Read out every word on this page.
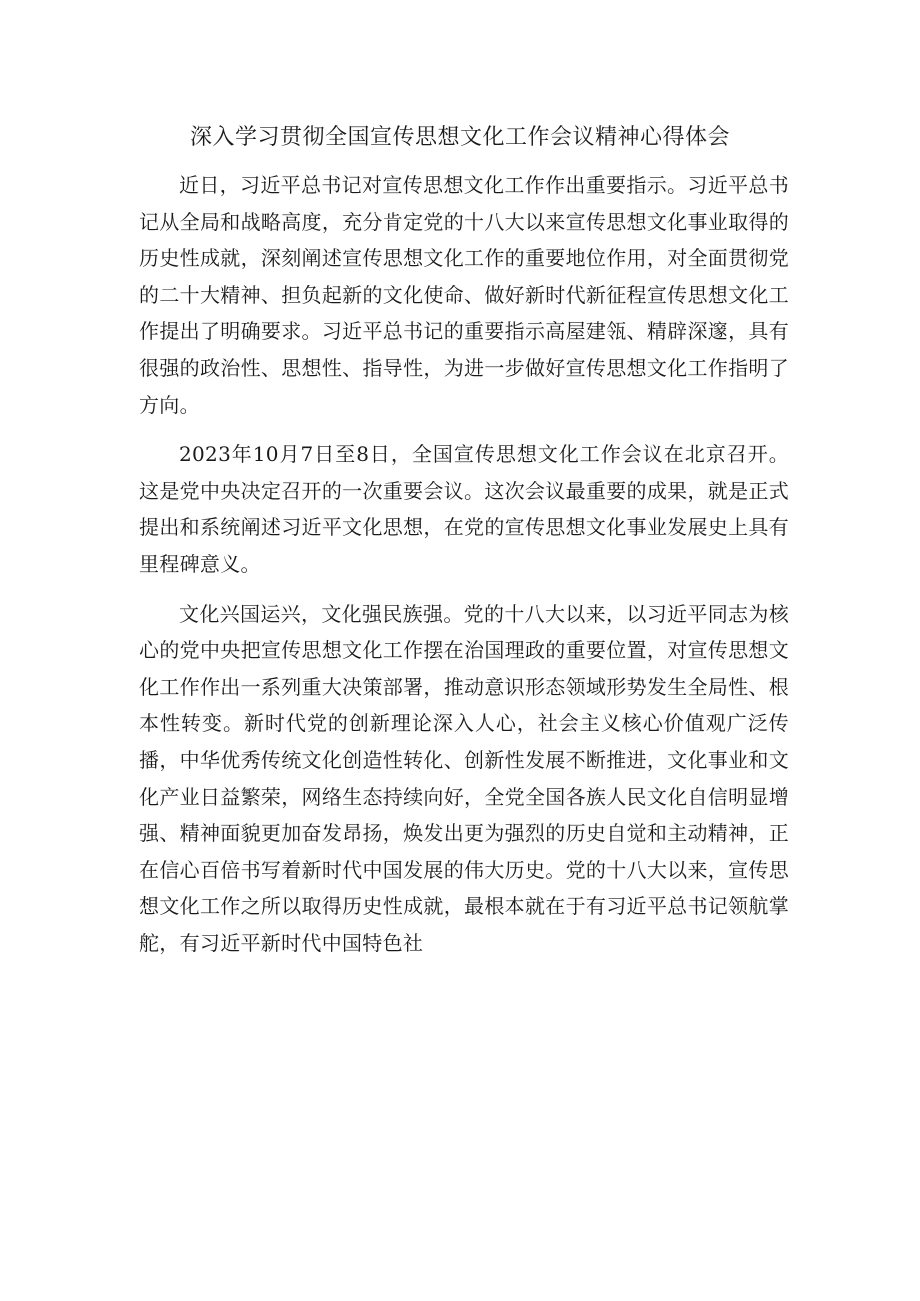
深入学习贯彻全国宣传思想文化工作会议精神心得体会

近日，习近平总书记对宣传思想文化工作作出重要指示。习近平总书记从全局和战略高度，充分肯定党的十八大以来宣传思想文化事业取得的历史性成就，深刻阐述宣传思想文化工作的重要地位作用，对全面贯彻党的二十大精神、担负起新的文化使命、做好新时代新征程宣传思想文化工作提出了明确要求。习近平总书记的重要指示高屋建瓴、精辟深邃，具有很强的政治性、思想性、指导性，为进一步做好宣传思想文化工作指明了方向。

2023年10月7日至8日，全国宣传思想文化工作会议在北京召开。这是党中央决定召开的一次重要会议。这次会议最重要的成果，就是正式提出和系统阐述习近平文化思想，在党的宣传思想文化事业发展史上具有里程碑意义。

文化兴国运兴，文化强民族强。党的十八大以来，以习近平同志为核心的党中央把宣传思想文化工作摆在治国理政的重要位置，对宣传思想文化工作作出一系列重大决策部署，推动意识形态领域形势发生全局性、根本性转变。新时代党的创新理论深入人心，社会主义核心价值观广泛传播，中华优秀传统文化创造性转化、创新性发展不断推进，文化事业和文化产业日益繁荣，网络生态持续向好，全党全国各族人民文化自信明显增强、精神面貌更加奋发昂扬，焕发出更为强烈的历史自觉和主动精神，正在信心百倍书写着新时代中国发展的伟大历史。党的十八大以来，宣传思想文化工作之所以取得历史性成就，最根本就在于有习近平总书记领航掌舵，有习近平新时代中国特色社
